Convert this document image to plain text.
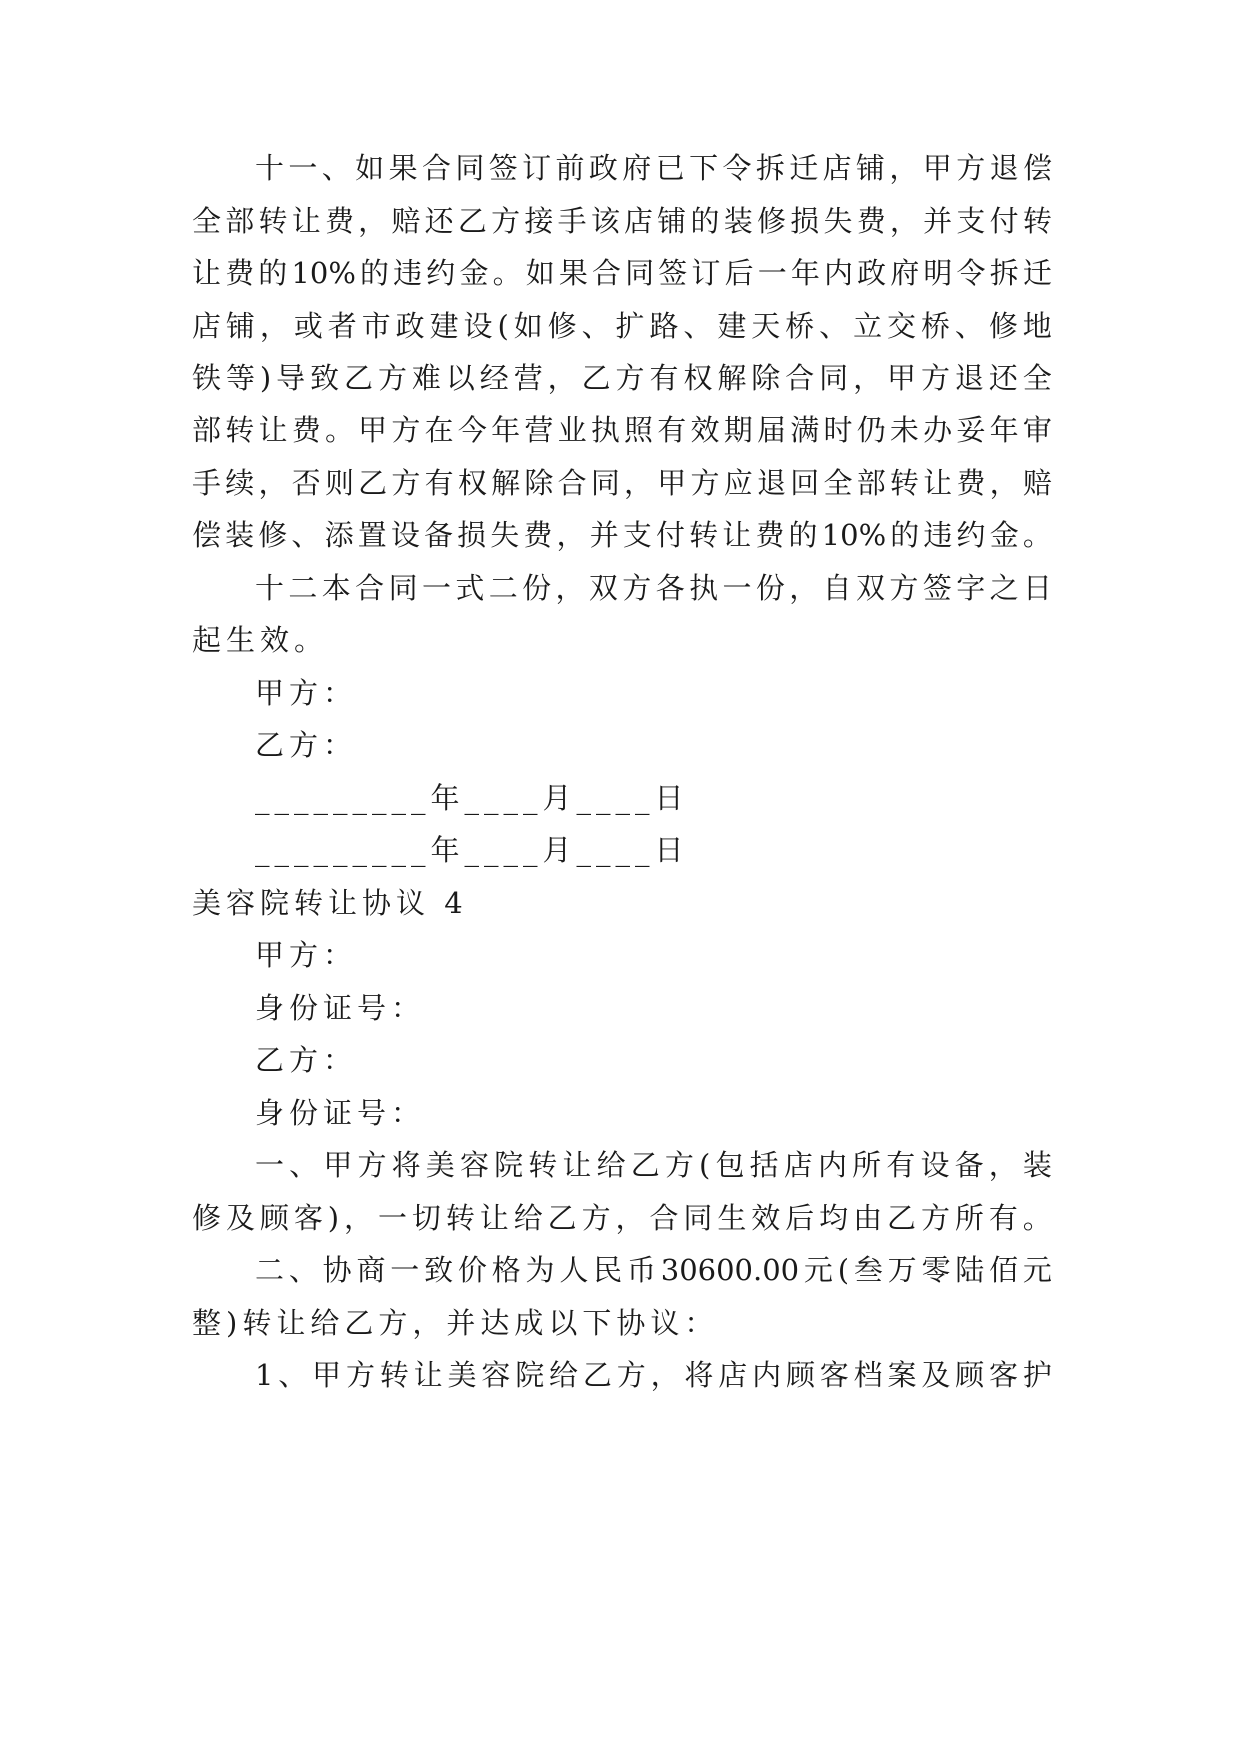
十 一 、 如 果 合 同 签 订 前 政 府 已 下 令 拆 迁 店 铺 ， 甲 方 退 偿
全 部 转 让 费 ， 赔 还 乙 方 接 手 该 店 铺 的 装 修 损 失 费 ， 并 支 付 转
让 费 的 10% 的 违 约 金 。 如 果 合 同 签 订 后 一 年 内 政 府 明 令 拆 迁
店 铺 ， 或 者 市 政 建 设 ( 如 修 、 扩 路 、 建 天 桥 、 立 交 桥 、 修 地
铁 等 ) 导 致 乙 方 难 以 经 营 ， 乙 方 有 权 解 除 合 同 ， 甲 方 退 还 全
部 转 让 费 。 甲 方 在 今 年 营 业 执 照 有 效 期 届 满 时 仍 未 办 妥 年 审
手 续 ， 否 则 乙 方 有 权 解 除 合 同 ， 甲 方 应 退 回 全 部 转 让 费 ， 赔
偿 装 修 、 添 置 设 备 损 失 费 ， 并 支 付 转 让 费 的 10% 的 违 约 金 。
十 二 本 合 同 一 式 二 份 ， 双 方 各 执 一 份 ， 自 双 方 签 字 之 日
起生效。
甲方：
乙方：
_________年____月____日
_________年____月____日
美容院转让协议 4
甲方：
身份证号：
乙方：
身份证号：
一 、 甲 方 将 美 容 院 转 让 给 乙 方 ( 包 括 店 内 所 有 设 备 ， 装
修 及 顾 客 ) ， 一 切 转 让 给 乙 方 ， 合 同 生 效 后 均 由 乙 方 所 有 。
二 、 协 商 一 致 价 格 为 人 民 币 30600.00 元 ( 叁 万 零 陆 佰 元
整)转让给乙方，并达成以下协议：
1 、 甲 方 转 让 美 容 院 给 乙 方 ， 将 店 内 顾 客 档 案 及 顾 客 护
